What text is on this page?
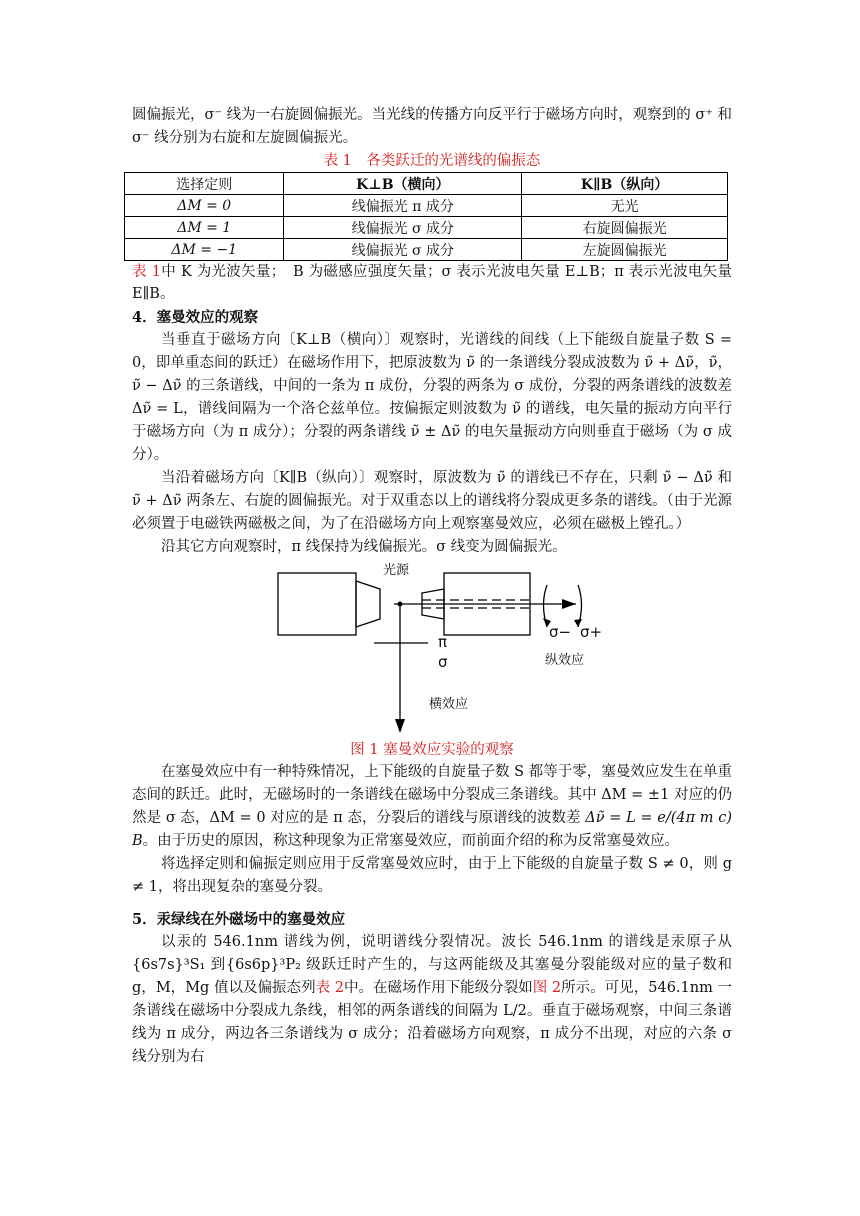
圆偏振光，σ⁻ 线为一右旋圆偏振光。当光线的传播方向反平行于磁场方向时，观察到的 σ⁺ 和 σ⁻ 线分别为右旋和左旋圆偏振光。

表 1　各类跃迁的光谱线的偏振态

选择定则	K⊥B（横向）	K∥B（纵向）
ΔM = 0	线偏振光 π 成分	无光
ΔM = 1	线偏振光 σ 成分	右旋圆偏振光
ΔM = −1	线偏振光 σ 成分	左旋圆偏振光

表 1中 K 为光波矢量；　B 为磁感应强度矢量；σ 表示光波电矢量 E⊥B；π 表示光波电矢量 E∥B。

4．塞曼效应的观察

当垂直于磁场方向〔K⊥B（横向）〕观察时，光谱线的间线（上下能级自旋量子数 S = 0，即单重态间的跃迁）在磁场作用下，把原波数为 ν̃ 的一条谱线分裂成波数为 ν̃ + Δν̃，ν̃，ν̃ − Δν̃ 的三条谱线，中间的一条为 π 成份，分裂的两条为 σ 成份，分裂的两条谱线的波数差 Δν̃ = L，谱线间隔为一个洛仑兹单位。按偏振定则波数为 ν̃ 的谱线，电矢量的振动方向平行于磁场方向（为 π 成分）；分裂的两条谱线 ν̃ ± Δν̃ 的电矢量振动方向则垂直于磁场（为 σ 成分）。

当沿着磁场方向〔K∥B（纵向）〕观察时，原波数为 ν̃ 的谱线已不存在，只剩 ν̃ − Δν̃ 和 ν̃ + Δν̃ 两条左、右旋的圆偏振光。对于双重态以上的谱线将分裂成更多条的谱线。（由于光源必须置于电磁铁两磁极之间，为了在沿磁场方向上观察塞曼效应，必须在磁极上镗孔。）

沿其它方向观察时，π 线保持为线偏振光。σ 线变为圆偏振光。

光源
π
σ
σ− σ+
纵效应
横效应

图 1 塞曼效应实验的观察

在塞曼效应中有一种特殊情况，上下能级的自旋量子数 S 都等于零，塞曼效应发生在单重态间的跃迁。此时，无磁场时的一条谱线在磁场中分裂成三条谱线。其中 ΔM = ±1 对应的仍然是 σ 态，ΔM = 0 对应的是 π 态，分裂后的谱线与原谱线的波数差 Δν̃ = L = e/(4π m c) B。由于历史的原因，称这种现象为正常塞曼效应，而前面介绍的称为反常塞曼效应。

将选择定则和偏振定则应用于反常塞曼效应时，由于上下能级的自旋量子数 S ≠ 0，则 g ≠ 1，将出现复杂的塞曼分裂。

5．汞绿线在外磁场中的塞曼效应

以汞的 546.1nm 谱线为例，说明谱线分裂情况。波长 546.1nm 的谱线是汞原子从{6s7s}³S₁ 到{6s6p}³P₂ 级跃迁时产生的，与这两能级及其塞曼分裂能级对应的量子数和 g，M，Mg 值以及偏振态列表 2中。在磁场作用下能级分裂如图 2所示。可见，546.1nm 一条谱线在磁场中分裂成九条线，相邻的两条谱线的间隔为 L/2。垂直于磁场观察，中间三条谱线为 π 成分，两边各三条谱线为 σ 成分；沿着磁场方向观察，π 成分不出现，对应的六条 σ 线分别为右
